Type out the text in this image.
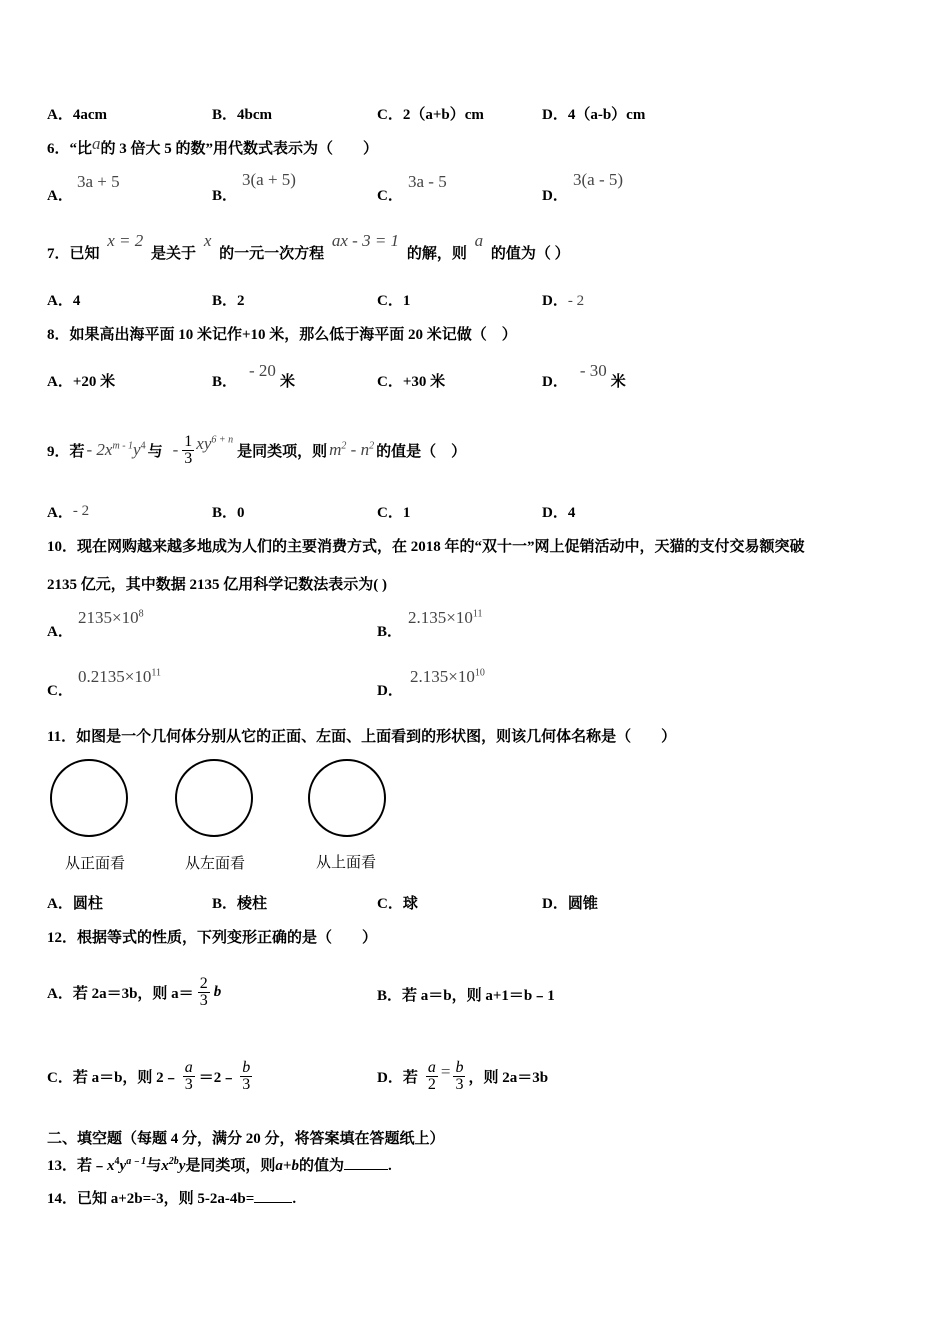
A．4acm	B．4bcm	C．2（a+b）cm	D．4（a-b）cm
6．“比a的 3 倍大 5 的数”用代数式表示为（　　）
A．
3a + 5
B．
3(a + 5)
C．
3a - 5
D．
3(a - 5)
7．已知 x = 2 是关于 x 的一元一次方程 ax - 3 = 1 的解，则 a 的值为（ ）
A．4	B．2	C．1	D．- 2
8．如果高出海平面 10 米记作+10 米，那么低于海平面 20 米记做（　）
A．+20 米	B．- 20米	C．+30 米	D．- 30米
9．若 - $2x^{m - 1}y^4$ 与 - $\frac{1}{3} xy^{6 + n}$
是同类项，则 $m^2 - n^2$ 的值是（　）
A．- 2	B．0	C．1	D．4
10．现在网购越来越多地成为人们的主要消费方式，在 2018 年的“双十一”网上促销活动中，天猫的支付交易额突破
2135 亿元，其中数据 2135 亿用科学记数法表示为( )
A．
$2135\times 10^8$
B．
$2.135\times 10^{11}$
C．
$0.2135\times 10^{11}$
D．
$2.135\times 10^{10}$
11．如图是一个几何体分别从它的正面、左面、上面看到的形状图，则该几何体名称是（　　）
从正面看	从左面看	从上面看
A．圆柱	B．棱柱	C．球	D．圆锥
12．根据等式的性质，下列变形正确的是（　　）
A．若 2a＝3b，则 $a= \frac{2}{3}$ b	B．若 a＝b，则 a+1＝b﹣1
C．若 a＝b，则 2﹣ $\frac{a}{3}$ ＝2﹣ $\frac{b}{3}$	D．若 $\frac{a}{2} = \frac{b}{3}$ ，则 2a＝3b
二、填空题（每题 4 分，满分 20 分，将答案填在答题纸上）
13．若$﹣x^4y^{a﹣1}$与$x^{2b}y$是同类项，则a+b的值为	.
14．已知 a+2b=-3，则 5-2a-4b=	.
